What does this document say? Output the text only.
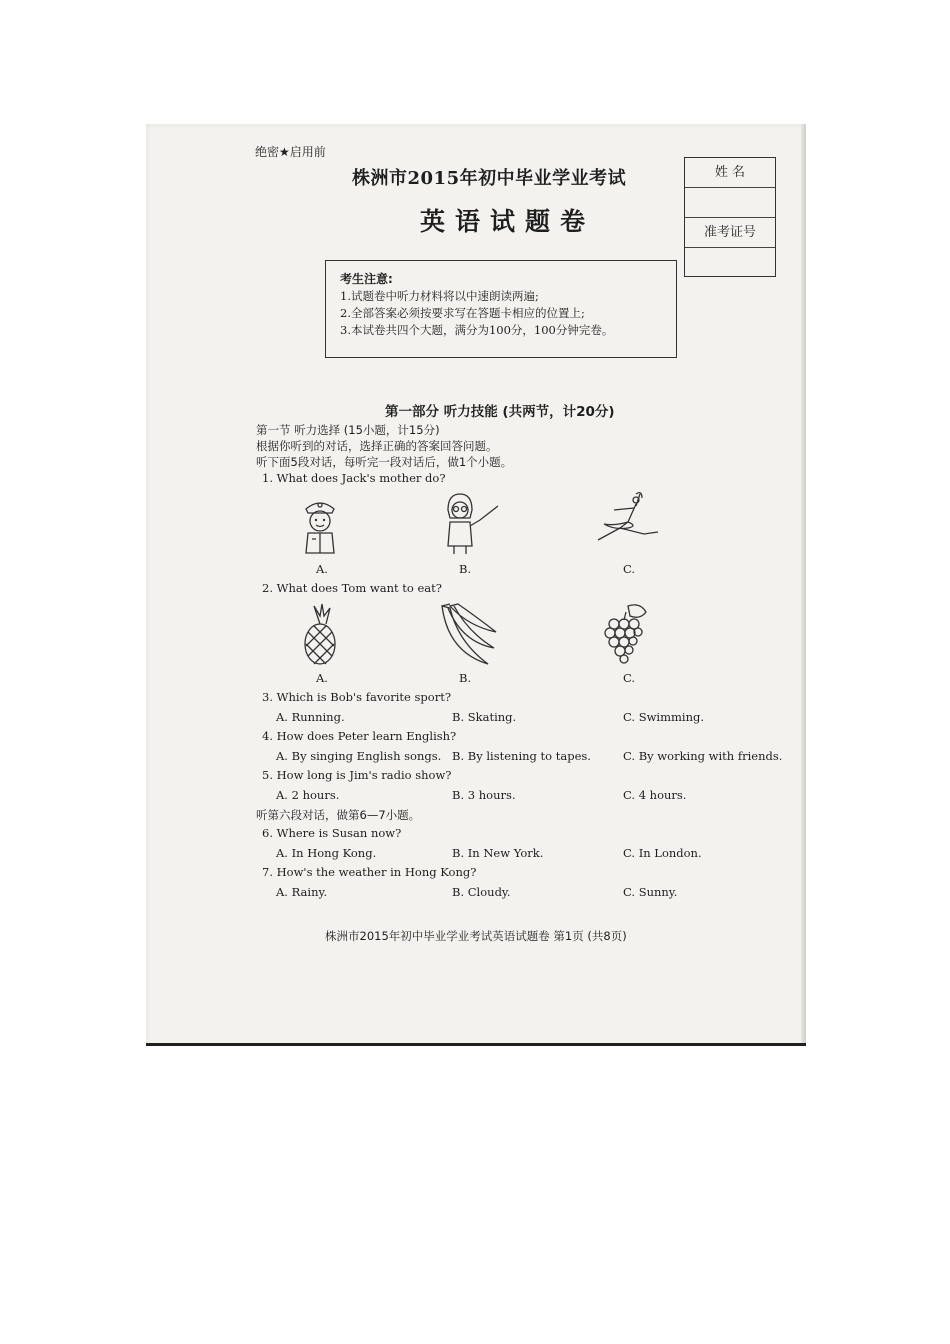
绝密★启用前
株洲市2015年初中毕业学业考试
英语试题卷
姓 名
准考证号
考生注意:
1.试题卷中听力材料将以中速朗读两遍;
2.全部答案必须按要求写在答题卡相应的位置上;
3.本试卷共四个大题，满分为100分，100分钟完卷。
第一部分 听力技能 (共两节，计20分)
第一节 听力选择 (15小题，计15分)
根据你听到的对话，选择正确的答案回答问题。
听下面5段对话，每听完一段对话后，做1个小题。
1. What does Jack's mother do?
A.	B.	C.
2. What does Tom want to eat?
A.	B.	C.
3. Which is Bob's favorite sport?
A. Running.	B. Skating.	C. Swimming.
4. How does Peter learn English?
A. By singing English songs. B. By listening to tapes.	C. By working with friends.
5. How long is Jim's radio show?
A. 2 hours.	B. 3 hours.	C. 4 hours.
听第六段对话，做第6—7小题。
6. Where is Susan now?
A. In Hong Kong.	B. In New York.	C. In London.
7. How's the weather in Hong Kong?
A. Rainy.	B. Cloudy.	C. Sunny.
株洲市2015年初中毕业学业考试英语试题卷 第1页 (共8页)
